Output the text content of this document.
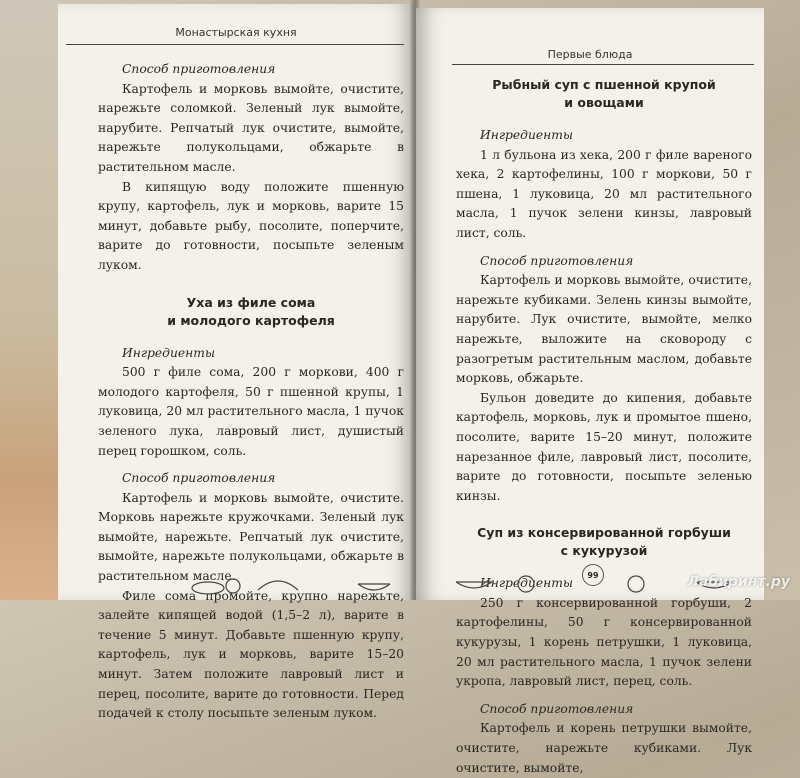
Монастырская кухня
Способ приготовления
Картофель и морковь вымойте, очистите, нарежьте соломкой. Зеленый лук вымойте, нарубите. Репчатый лук очистите, вымойте, нарежьте полукольцами, обжарьте в растительном масле.
В кипящую воду положите пшенную крупу, картофель, лук и морковь, варите 15 минут, добавьте рыбу, посолите, поперчите, варите до готовности, посыпьте зеленым луком.
Уха из филе сома
и молодого картофеля
Ингредиенты
500 г филе сома, 200 г моркови, 400 г молодого картофеля, 50 г пшенной крупы, 1 луковица, 20 мл растительного масла, 1 пучок зеленого лука, лавровый лист, душистый перец горошком, соль.
Способ приготовления
Картофель и морковь вымойте, очистите. Морковь нарежьте кружочками. Зеленый лук вымойте, нарежьте. Репчатый лук очистите, вымойте, нарежьте полукольцами, обжарьте в растительном масле.
Филе сома промойте, крупно нарежьте, залейте кипящей водой (1,5–2 л), варите в течение 5 минут. Добавьте пшенную крупу, картофель, лук и морковь, варите 15–20 минут. Затем положите лавровый лист и перец, посолите, варите до готовности. Перед подачей к столу посыпьте зеленым луком.
Первые блюда
Рыбный суп с пшенной крупой
и овощами
Ингредиенты
1 л бульона из хека, 200 г филе вареного хека, 2 картофелины, 100 г моркови, 50 г пшена, 1 луковица, 20 мл растительного масла, 1 пучок зелени кинзы, лавровый лист, соль.
Способ приготовления
Картофель и морковь вымойте, очистите, нарежьте кубиками. Зелень кинзы вымойте, нарубите. Лук очистите, вымойте, мелко нарежьте, выложите на сковороду с разогретым растительным маслом, добавьте морковь, обжарьте.
Бульон доведите до кипения, добавьте картофель, морковь, лук и промытое пшено, посолите, варите 15–20 минут, положите нарезанное филе, лавровый лист, посолите, варите до готовности, посыпьте зеленью кинзы.
Суп из консервированной горбуши
с кукурузой
Ингредиенты
250 г консервированной горбуши, 2 картофелины, 50 г консервированной кукурузы, 1 корень петрушки, 1 луковица, 20 мл растительного масла, 1 пучок зелени укропа, лавровый лист, перец, соль.
Способ приготовления
Картофель и корень петрушки вымойте, очистите, нарежьте кубиками. Лук очистите, вымойте,
99	Лабиринт.ру
